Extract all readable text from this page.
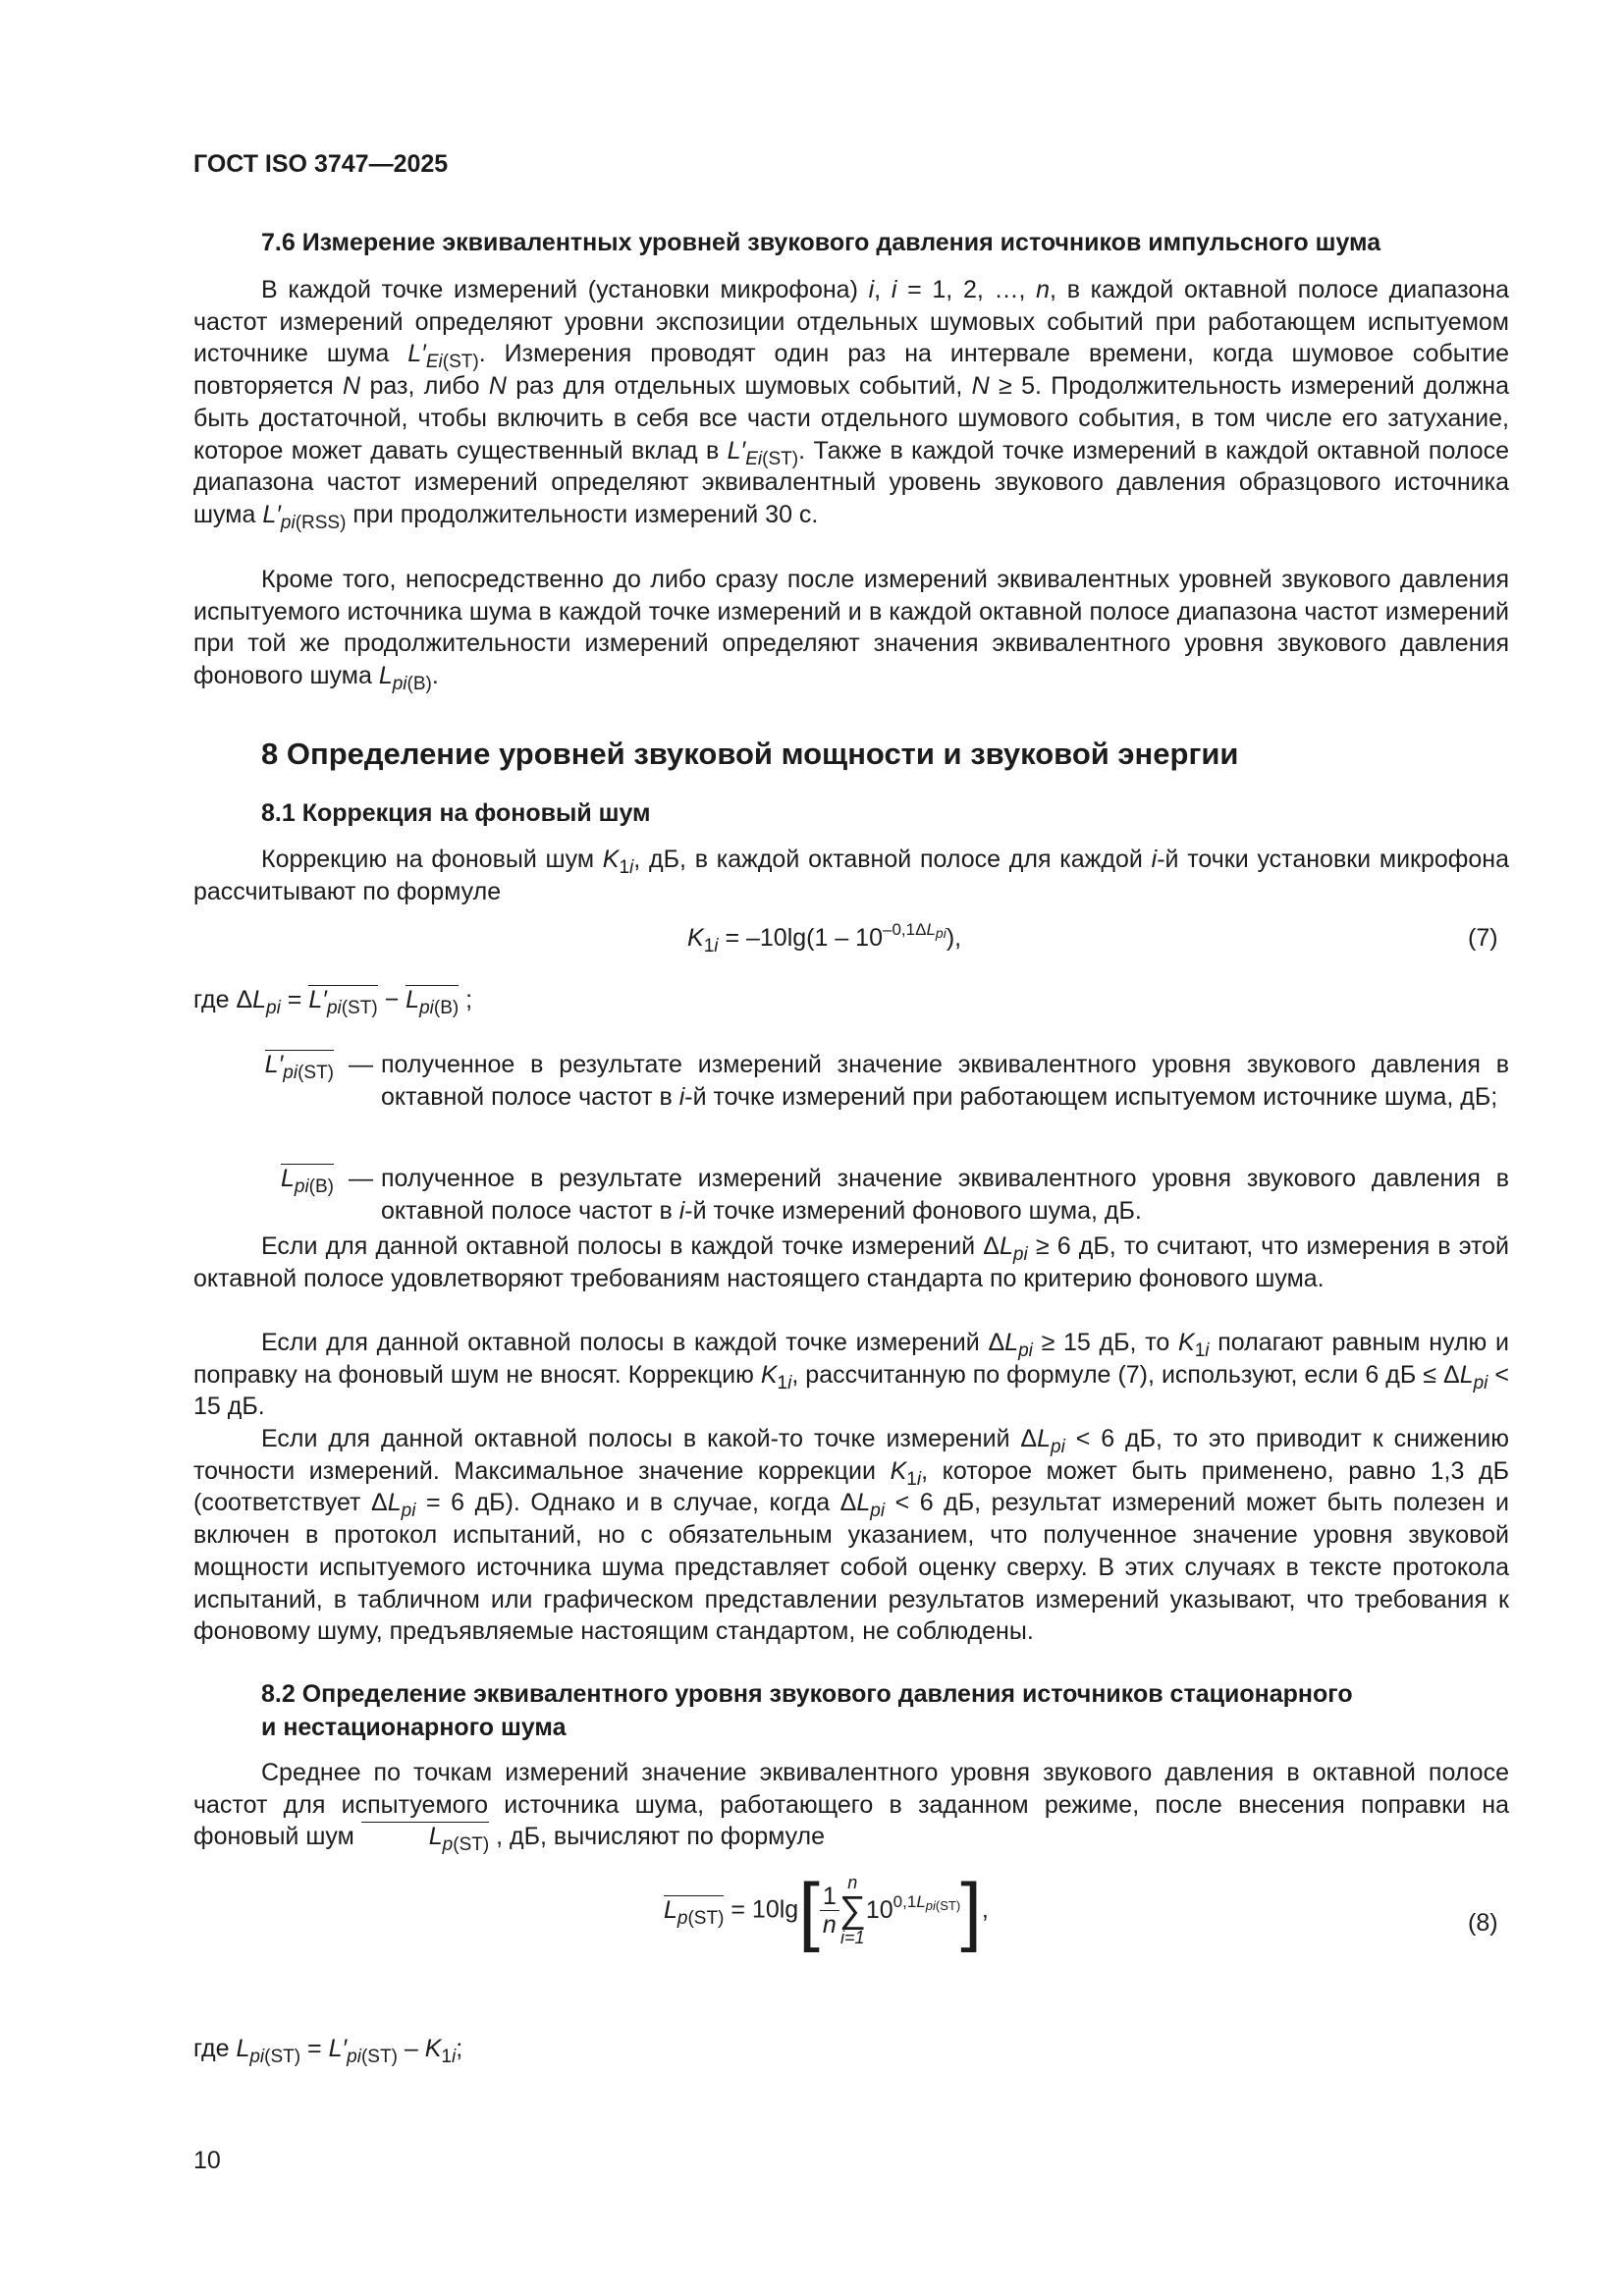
ГОСТ ISO 3747—2025
7.6 Измерение эквивалентных уровней звукового давления источников импульсного шума

В каждой точке измерений (установки микрофона) i, i = 1, 2, …, n, в каждой октавной полосе диапазона частот измерений определяют уровни экспозиции отдельных шумовых событий при работающем испытуемом источнике шума $L'_{Ei(ST)}$. Измерения проводят один раз на интервале времени, когда шумовое событие повторяется N раз, либо N раз для отдельных шумовых событий, N ≥ 5. Продолжительность измерений должна быть достаточной, чтобы включить в себя все части отдельного шумового события, в том числе его затухание, которое может давать существенный вклад в $L'_{Ei(ST)}$. Также в каждой точке измерений в каждой октавной полосе диапазона частот измерений определяют эквивалентный уровень звукового давления образцового источника шума $L'_{pi(RSS)}$ при продолжительности измерений 30 с.

Кроме того, непосредственно до либо сразу после измерений эквивалентных уровней звукового давления испытуемого источника шума в каждой точке измерений и в каждой октавной полосе диапазона частот измерений при той же продолжительности измерений определяют значения эквивалентного уровня звукового давления фонового шума $L_{pi(B)}$.

8 Определение уровней звуковой мощности и звуковой энергии
8.1 Коррекция на фоновый шум

Коррекцию на фоновый шум $K_{1i}$, дБ, в каждой октавной полосе для каждой i-й точки установки микрофона рассчитывают по формуле

$K_{1i} = -10\lg(1 - 10^{-0,1\Delta L_{pi}})$,	(7)
где $\Delta L_{pi} = L'_{pi(ST)} - L_{pi(B)}$ ;
$L'_{pi(ST)}$ — полученное в результате измерений значение эквивалентного уровня звукового давления в октавной полосе частот в i-й точке измерений при работающем испытуемом источнике шума, дБ;
$L_{pi(B)}$ — полученное в результате измерений значение эквивалентного уровня звукового давления в октавной полосе частот в i-й точке измерений фонового шума, дБ.

Если для данной октавной полосы в каждой точке измерений $\Delta L_{pi} \ge 6$ дБ, то считают, что измерения в этой октавной полосе удовлетворяют требованиям настоящего стандарта по критерию фонового шума.

Если для данной октавной полосы в каждой точке измерений $\Delta L_{pi} \ge 15$ дБ, то $K_{1i}$ полагают равным нулю и поправку на фоновый шум не вносят. Коррекцию $K_{1i}$, рассчитанную по формуле (7), используют, если 6 дБ ≤ $\Delta L_{pi} < 15$ дБ.

Если для данной октавной полосы в какой-то точке измерений $\Delta L_{pi} < 6$ дБ, то это приводит к снижению точности измерений. Максимальное значение коррекции $K_{1i}$, которое может быть применено, равно 1,3 дБ (соответствует $\Delta L_{pi} = 6$ дБ). Однако и в случае, когда $\Delta L_{pi} < 6$ дБ, результат измерений может быть полезен и включен в протокол испытаний, но с обязательным указанием, что полученное значение уровня звуковой мощности испытуемого источника шума представляет собой оценку сверху. В этих случаях в тексте протокола испытаний, в табличном или графическом представлении результатов измерений указывают, что требования к фоновому шуму, предъявляемые настоящим стандартом, не соблюдены.

8.2 Определение эквивалентного уровня звукового давления источников стационарного
и нестационарного шума

Среднее по точкам измерений значение эквивалентного уровня звукового давления в октавной полосе частот для испытуемого источника шума, работающего в заданном режиме, после внесения поправки на фоновый шум	$L_{p(ST)}$ , дБ, вычисляют по формуле

$L_{p(ST)} = 10\lg[ \frac{1}{n}$ n
∑
i=1
$10^{0,1L_{pi(ST)}}$],	(8)
где $L_{pi(ST)} = L'_{pi(ST)} - K_{1i}$;
10
